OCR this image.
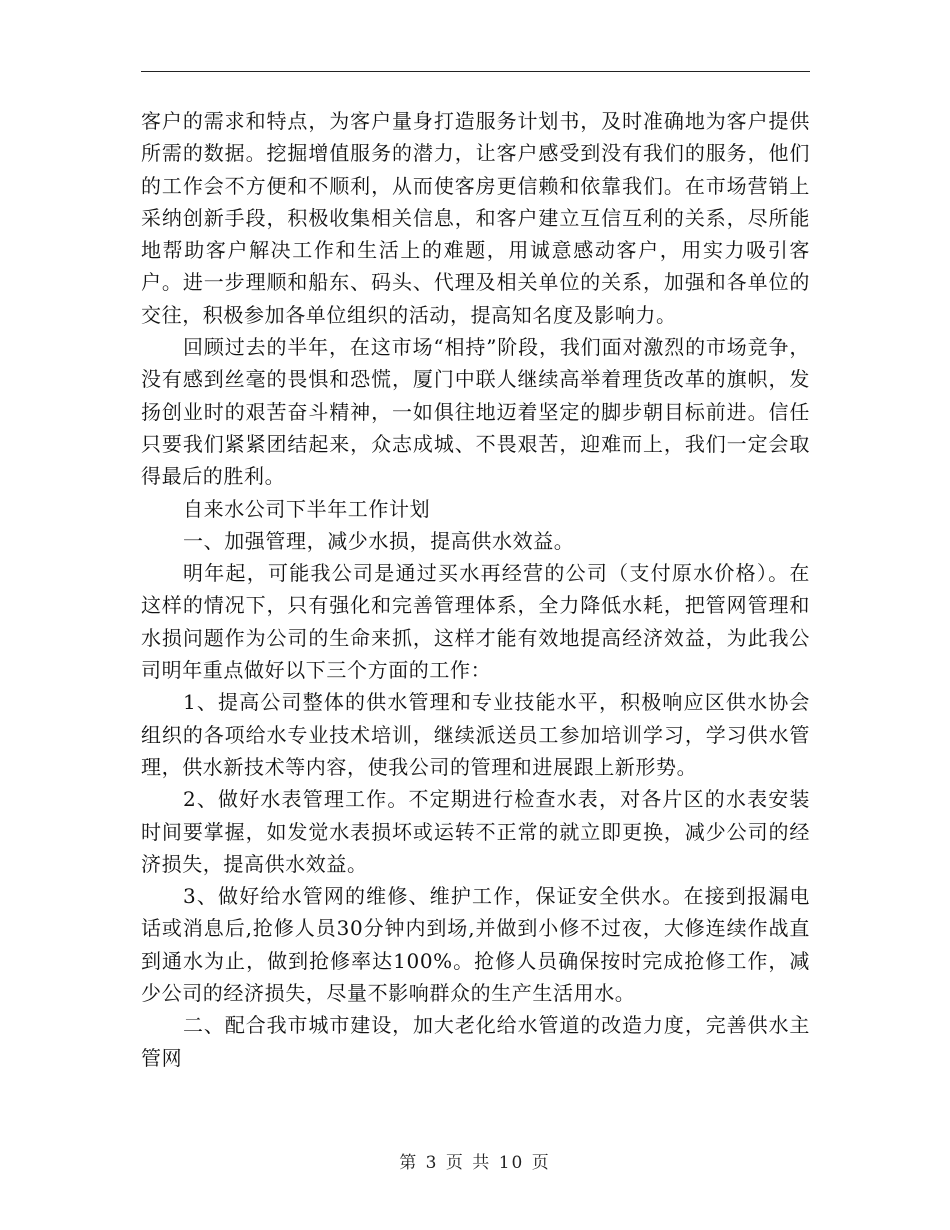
客户的需求和特点，为客户量身打造服务计划书，及时准确地为客户提供所需的数据。挖掘增值服务的潜力，让客户感受到没有我们的服务，他们的工作会不方便和不顺利，从而使客房更信赖和依靠我们。在市场营销上采纳创新手段，积极收集相关信息，和客户建立互信互利的关系，尽所能地帮助客户解决工作和生活上的难题，用诚意感动客户，用实力吸引客户。进一步理顺和船东、码头、代理及相关单位的关系，加强和各单位的交往，积极参加各单位组织的活动，提高知名度及影响力。

回顾过去的半年，在这市场“相持”阶段，我们面对激烈的市场竞争，没有感到丝毫的畏惧和恐慌，厦门中联人继续高举着理货改革的旗帜，发扬创业时的艰苦奋斗精神，一如俱往地迈着坚定的脚步朝目标前进。信任只要我们紧紧团结起来，众志成城、不畏艰苦，迎难而上，我们一定会取得最后的胜利。

自来水公司下半年工作计划

一、加强管理，减少水损，提高供水效益。

明年起，可能我公司是通过买水再经营的公司（支付原水价格）。在这样的情况下，只有强化和完善管理体系，全力降低水耗，把管网管理和水损问题作为公司的生命来抓，这样才能有效地提高经济效益，为此我公司明年重点做好以下三个方面的工作：

1、提高公司整体的供水管理和专业技能水平，积极响应区供水协会组织的各项给水专业技术培训，继续派送员工参加培训学习，学习供水管理，供水新技术等内容，使我公司的管理和进展跟上新形势。

2、做好水表管理工作。不定期进行检查水表，对各片区的水表安装时间要掌握，如发觉水表损坏或运转不正常的就立即更换，减少公司的经济损失，提高供水效益。

3、做好给水管网的维修、维护工作，保证安全供水。在接到报漏电话或消息后,抢修人员30分钟内到场,并做到小修不过夜，大修连续作战直到通水为止，做到抢修率达100%。抢修人员确保按时完成抢修工作，减少公司的经济损失，尽量不影响群众的生产生活用水。

二、配合我市城市建设，加大老化给水管道的改造力度，完善供水主管网

第 3 页 共 10 页
